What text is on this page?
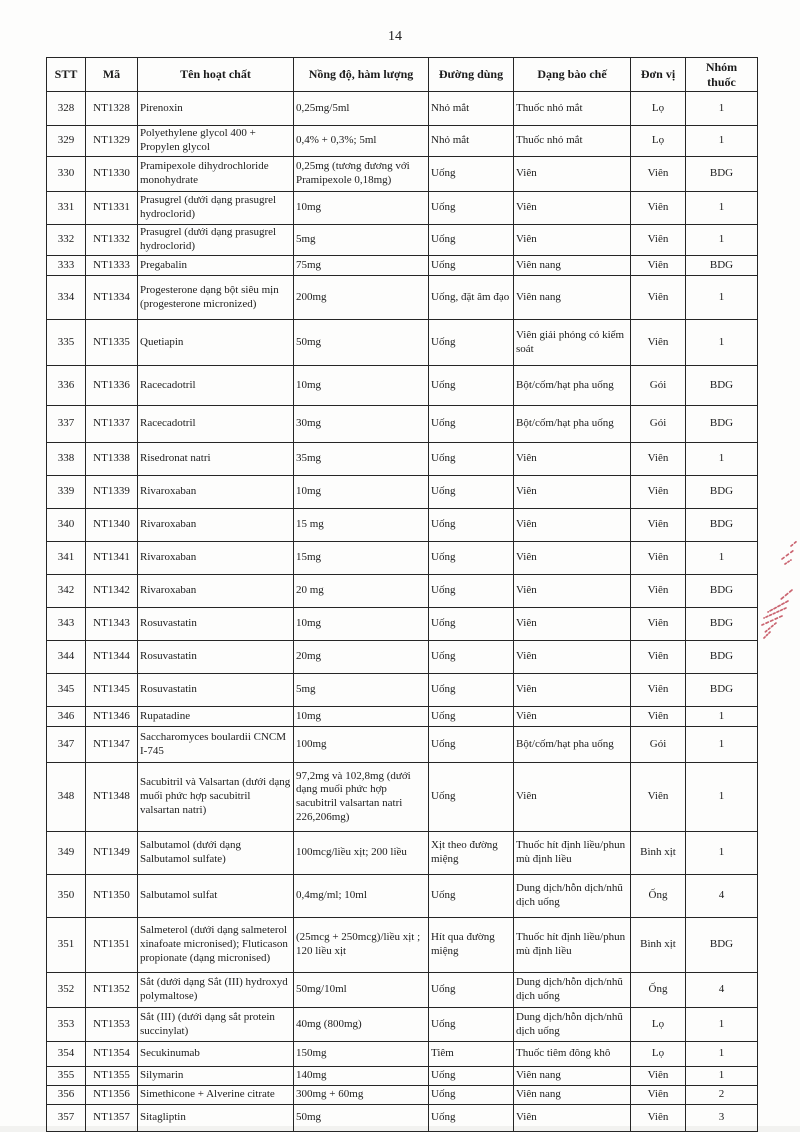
14
STT	Mã	Tên hoạt chất	Nồng độ, hàm lượng	Đường dùng	Dạng bào chế	Đơn vị	Nhóm thuốc
328	NT1328	Pirenoxin	0,25mg/5ml	Nhỏ mắt	Thuốc nhỏ mắt	Lọ	1
329	NT1329	Polyethylene glycol 400 + Propylen glycol	0,4% + 0,3%; 5ml	Nhỏ mắt	Thuốc nhỏ mắt	Lọ	1
330	NT1330	Pramipexole dihydrochloride monohydrate	0,25mg (tương đương với Pramipexole 0,18mg)	Uống	Viên	Viên	BDG
331	NT1331	Prasugrel (dưới dạng prasugrel hydroclorid)	10mg	Uống	Viên	Viên	1
332	NT1332	Prasugrel (dưới dạng prasugrel hydroclorid)	5mg	Uống	Viên	Viên	1
333	NT1333	Pregabalin	75mg	Uống	Viên nang	Viên	BDG
334	NT1334	Progesterone dạng bột siêu mịn (progesterone micronized)	200mg	Uống, đặt âm đạo	Viên nang	Viên	1
335	NT1335	Quetiapin	50mg	Uống	Viên giải phóng có kiểm soát	Viên	1
336	NT1336	Racecadotril	10mg	Uống	Bột/cốm/hạt pha uống	Gói	BDG
337	NT1337	Racecadotril	30mg	Uống	Bột/cốm/hạt pha uống	Gói	BDG
338	NT1338	Risedronat natri	35mg	Uống	Viên	Viên	1
339	NT1339	Rivaroxaban	10mg	Uống	Viên	Viên	BDG
340	NT1340	Rivaroxaban	15 mg	Uống	Viên	Viên	BDG
341	NT1341	Rivaroxaban	15mg	Uống	Viên	Viên	1
342	NT1342	Rivaroxaban	20 mg	Uống	Viên	Viên	BDG
343	NT1343	Rosuvastatin	10mg	Uống	Viên	Viên	BDG
344	NT1344	Rosuvastatin	20mg	Uống	Viên	Viên	BDG
345	NT1345	Rosuvastatin	5mg	Uống	Viên	Viên	BDG
346	NT1346	Rupatadine	10mg	Uống	Viên	Viên	1
347	NT1347	Saccharomyces boulardii CNCM I-745	100mg	Uống	Bột/cốm/hạt pha uống	Gói	1
348	NT1348	Sacubitril và Valsartan (dưới dạng muối phức hợp sacubitril valsartan natri)	97,2mg và 102,8mg (dưới dạng muối phức hợp sacubitril valsartan natri 226,206mg)	Uống	Viên	Viên	1
349	NT1349	Salbutamol (dưới dạng Salbutamol sulfate)	100mcg/liều xịt; 200 liều	Xịt theo đường miệng	Thuốc hít định liều/phun mù định liều	Bình xịt	1
350	NT1350	Salbutamol sulfat	0,4mg/ml; 10ml	Uống	Dung dịch/hỗn dịch/nhũ dịch uống	Ống	4
351	NT1351	Salmeterol (dưới dạng salmeterol xinafoate micronised); Fluticason propionate (dạng micronised)	(25mcg + 250mcg)/liều xịt ; 120 liều xịt	Hít qua đường miệng	Thuốc hít định liều/phun mù định liều	Bình xịt	BDG
352	NT1352	Sắt (dưới dạng Sắt (III) hydroxyd polymaltose)	50mg/10ml	Uống	Dung dịch/hỗn dịch/nhũ dịch uống	Ống	4
353	NT1353	Sắt (III) (dưới dạng sắt protein succinylat)	40mg (800mg)	Uống	Dung dịch/hỗn dịch/nhũ dịch uống	Lọ	1
354	NT1354	Secukinumab	150mg	Tiêm	Thuốc tiêm đông khô	Lọ	1
355	NT1355	Silymarin	140mg	Uống	Viên nang	Viên	1
356	NT1356	Simethicone + Alverine citrate	300mg + 60mg	Uống	Viên nang	Viên	2
357	NT1357	Sitagliptin	50mg	Uống	Viên	Viên	3
